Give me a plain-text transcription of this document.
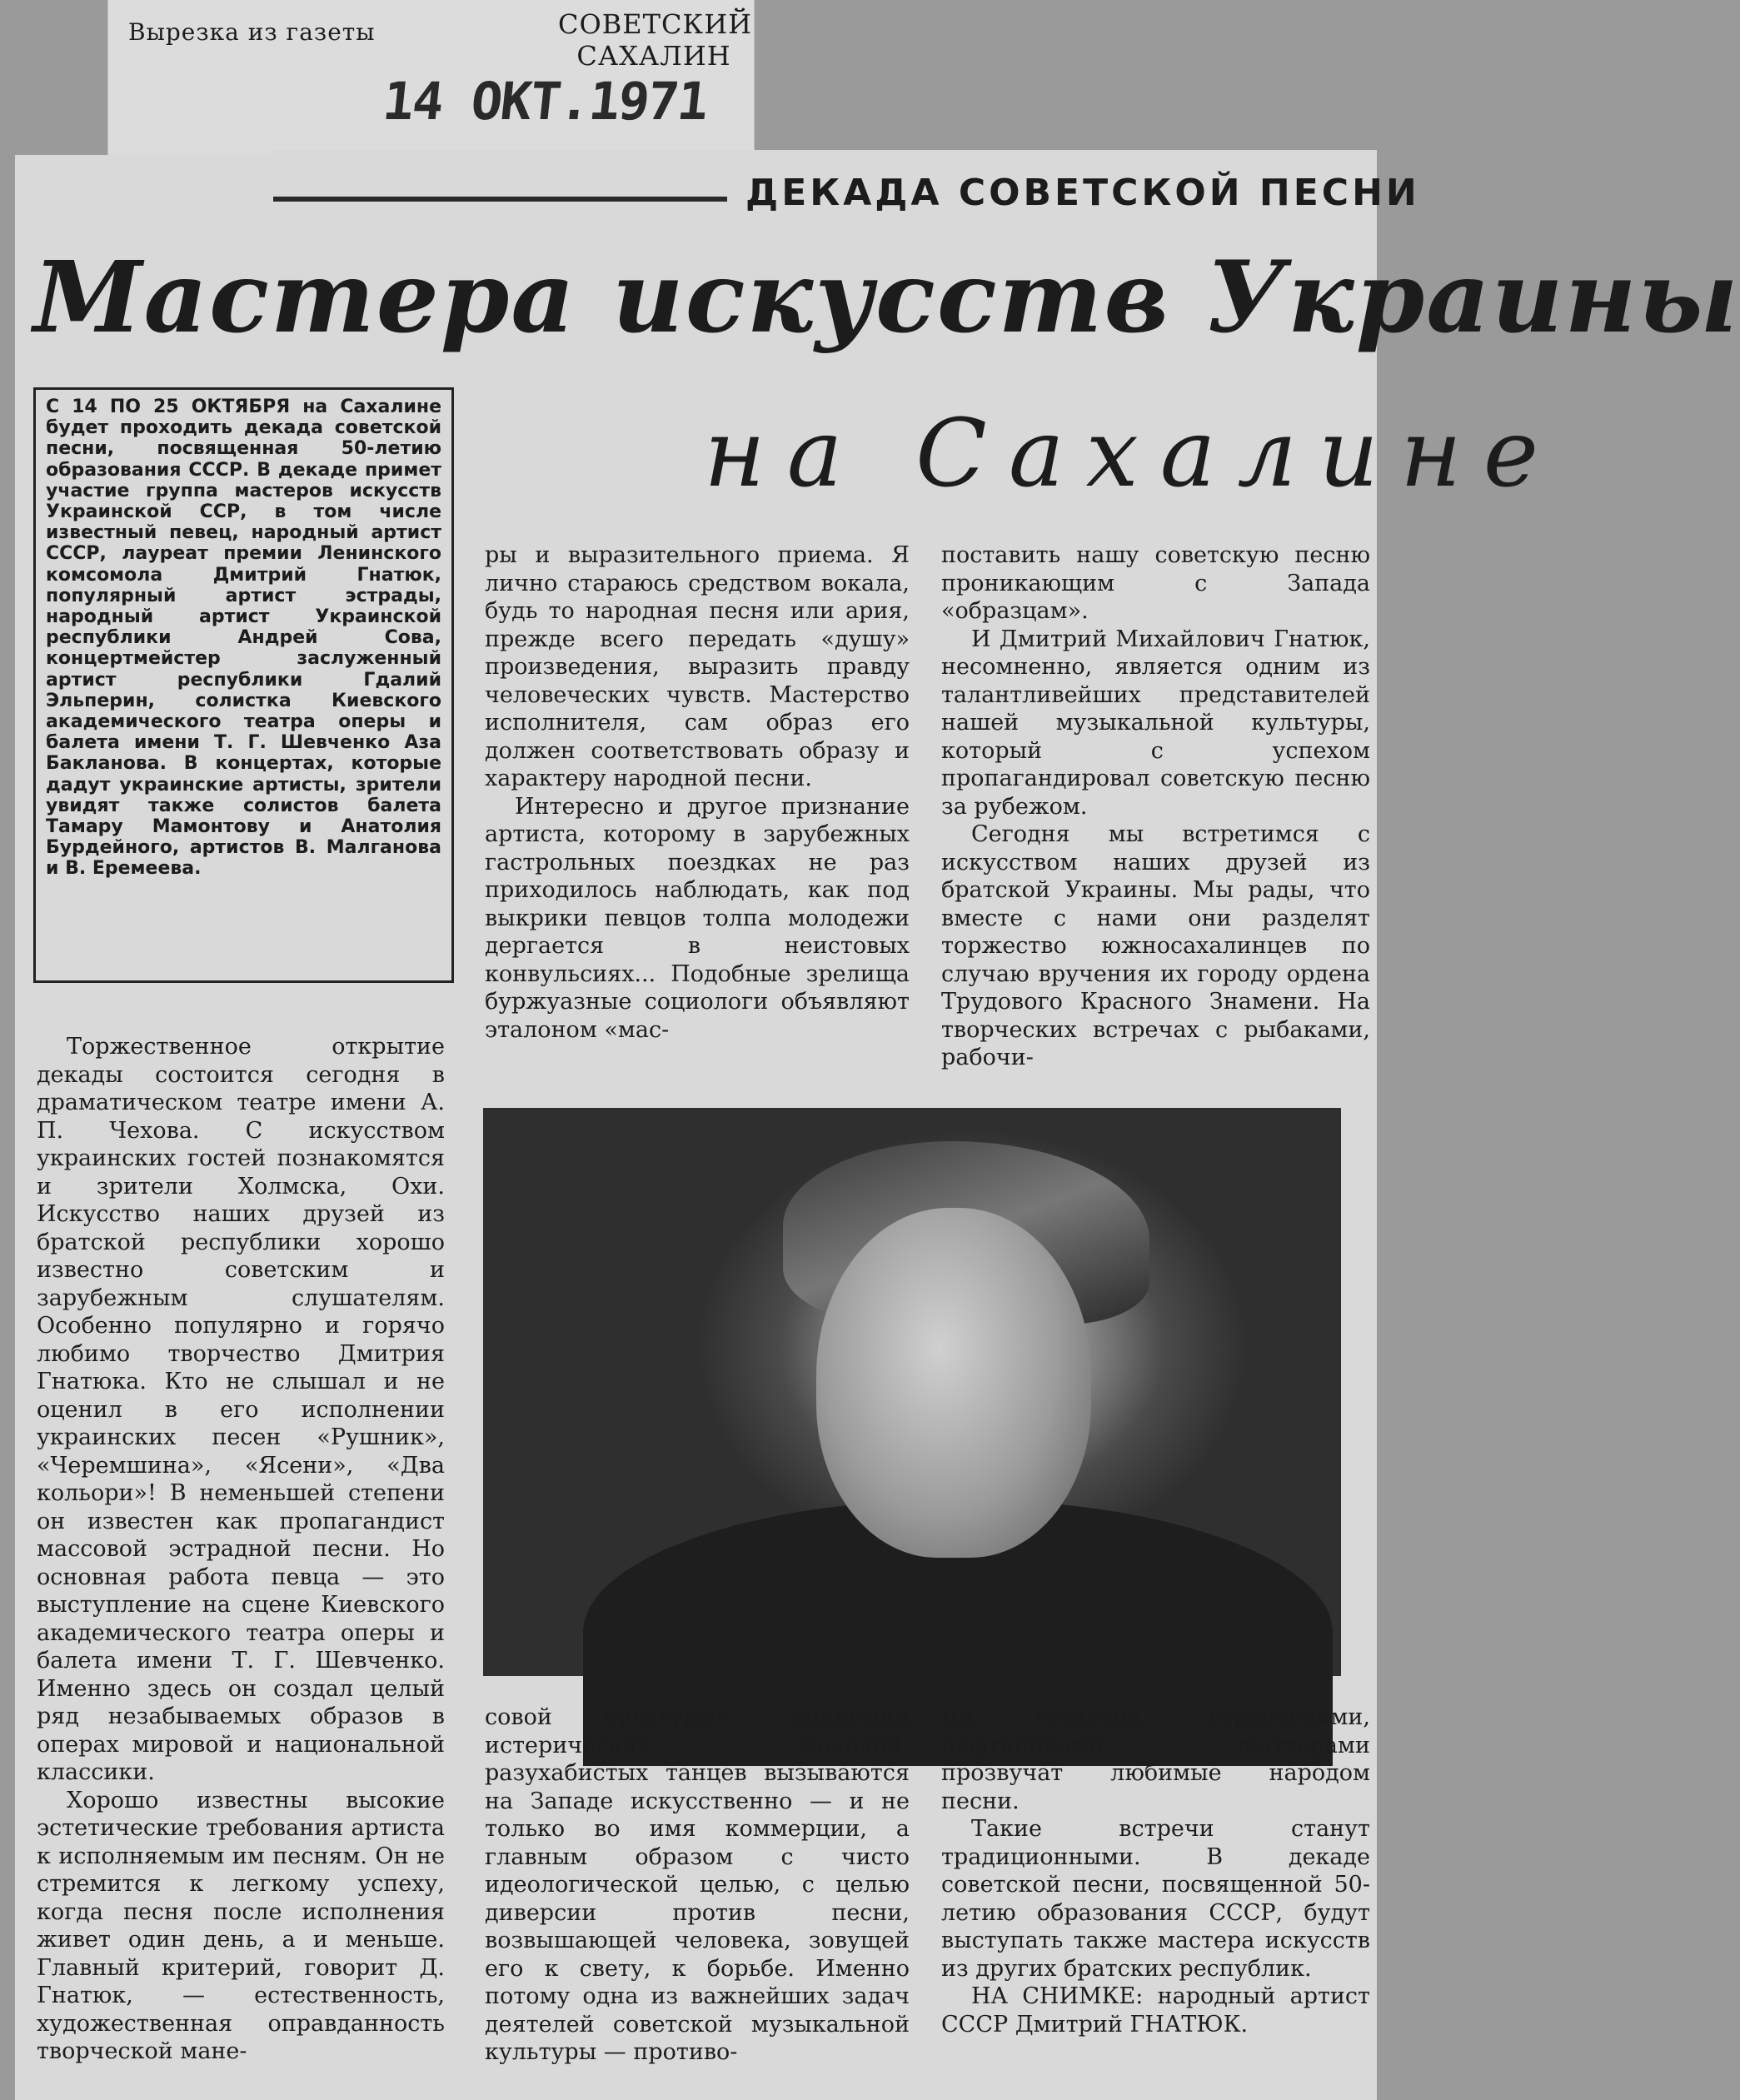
Вырезка из газеты	СОВЕТСКИЙ
САХАЛИН
14 ОКТ.1971
ДЕКАДА СОВЕТСКОЙ ПЕСНИ
Мастера искусств Украины
на Сахалине
С 14 ПО 25 ОКТЯБРЯ на Сахалине будет проходить декада советской песни, посвященная 50-летию образования СССР. В декаде примет участие группа мастеров искусств Украинской ССР, в том числе известный певец, народный артист СССР, лауреат премии Ленинского комсомола Дмитрий Гнатюк, популярный артист эстрады, народный артист Украинской республики Андрей Сова, концертмейстер заслуженный артист республики Гдалий Эльперин, солистка Киевского академического театра оперы и балета имени Т. Г. Шевченко Аза Бакланова. В концертах, которые дадут украинские артисты, зрители увидят также солистов балета Тамару Мамонтову и Анатолия Бурдейного, артистов В. Малганова и В. Еремеева.

Торжественное открытие декады состоится сегодня в драматическом театре имени А. П. Чехова. С искусством украинских гостей познакомятся и зрители Холмска, Охи. Искусство наших друзей из братской республики хорошо известно советским и зарубежным слушателям. Особенно популярно и горячо любимо творчество Дмитрия Гнатюка. Кто не слышал и не оценил в его исполнении украинских песен «Рушник», «Черемшина», «Ясени», «Два кольори»! В неменьшей степени он известен как пропагандист массовой эстрадной песни. Но основная работа певца — это выступление на сцене Киевского академического театра оперы и балета имени Т. Г. Шевченко. Именно здесь он создал целый ряд незабываемых образов в операх мировой и национальной классики.

Хорошо известны высокие эстетические требования артиста к исполняемым им песням. Он не стремится к легкому успеху, когда песня после исполнения живет один день, а и меньше. Главный критерий, говорит Д. Гнатюк, — естественность, художественная оправданность творческой мане-

ры и выразительного приема. Я лично стараюсь средством вокала, будь то народная песня или ария, прежде всего передать «душу» произведения, выразить правду человеческих чувств. Мастерство исполнителя, сам образ его должен соответствовать образу и характеру народной песни.

Интересно и другое признание артиста, которому в зарубежных гастрольных поездках не раз приходилось наблюдать, как под выкрики певцов толпа молодежи дергается в неистовых конвульсиях... Подобные зрелища буржуазные социологи объявляют эталоном «мас-

поставить нашу советскую песню проникающим с Запада «образцам».

И Дмитрий Михайлович Гнатюк, несомненно, является одним из талантливейших представителей нашей музыкальной культуры, который с успехом пропагандировал советскую песню за рубежом.

Сегодня мы встретимся с искусством наших друзей из братской Украины. Мы рады, что вместе с нами они разделят торжество южносахалинцев по случаю вручения их городу ордена Трудового Красного Знамени. На творческих встречах с рыбаками, рабочи-

совой культуры». Эпидемии истерических мелодий, разухабистых танцев вызываются на Западе искусственно — и не только во имя коммерции, а главным образом с чисто идеологической целью, с целью диверсии против песни, возвышающей человека, зовущей его к свету, к борьбе. Именно потому одна из важнейших задач деятелей советской музыкальной культуры — противо-

ми совхозов, строителями, нефтяниками, шахтерами прозвучат любимые народом песни.

Такие встречи станут традиционными. В декаде советской песни, посвященной 50-летию образования СССР, будут выступать также мастера искусств из других братских республик.

НА СНИМКЕ: народный артист СССР Дмитрий ГНАТЮК.
